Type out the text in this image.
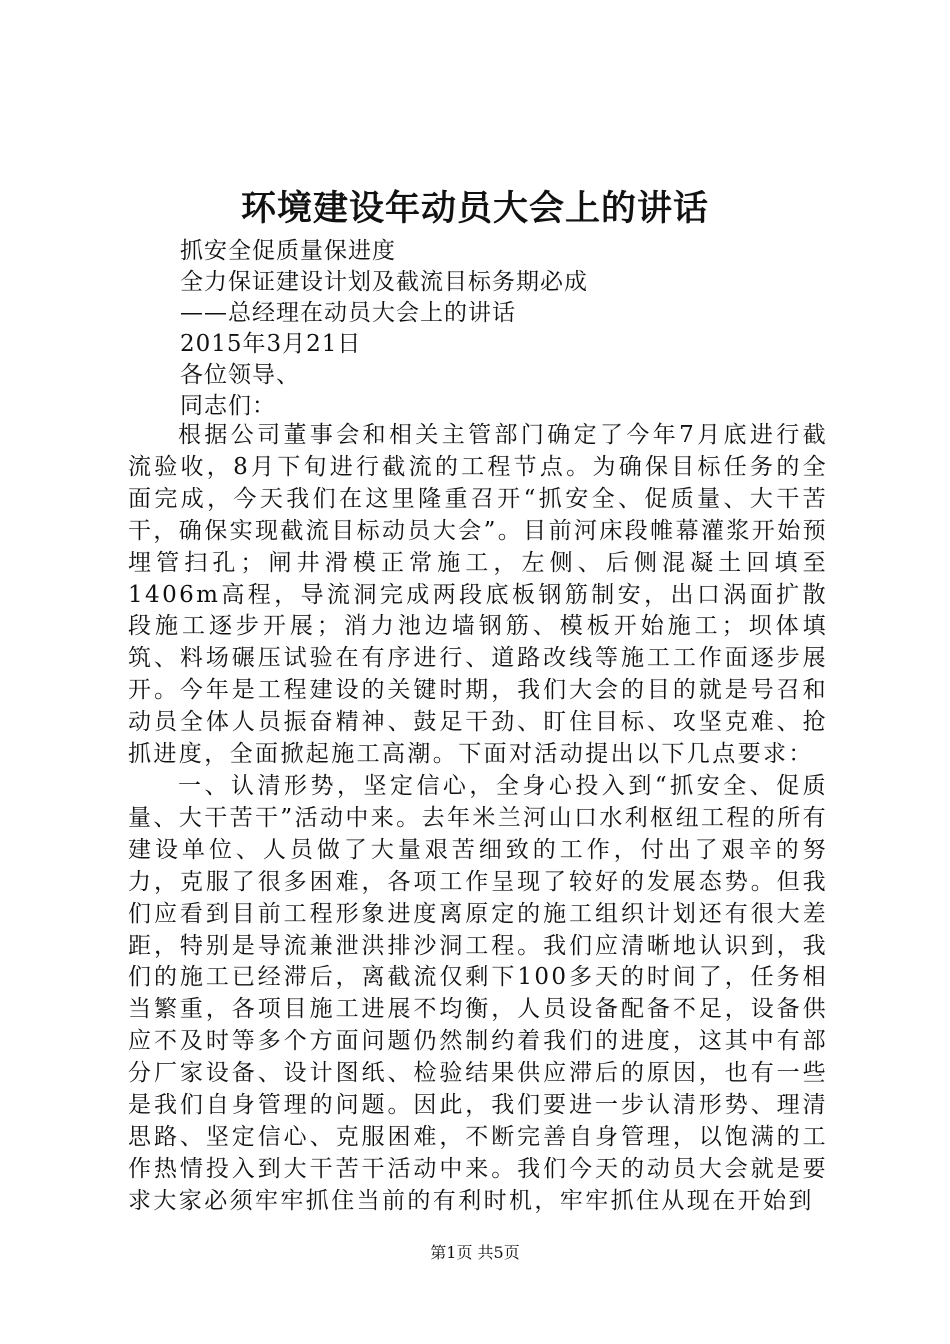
环境建设年动员大会上的讲话

抓安全促质量保进度

全力保证建设计划及截流目标务期必成

——总经理在动员大会上的讲话

2015年3月21日

各位领导、

同志们：

根据公司董事会和相关主管部门确定了今年7月底进行截流验收，8月下旬进行截流的工程节点。为确保目标任务的全面完成，今天我们在这里隆重召开“抓安全、促质量、大干苦干，确保实现截流目标动员大会”。目前河床段帷幕灌浆开始预埋管扫孔；闸井滑模正常施工，左侧、后侧混凝土回填至1406m高程，导流洞完成两段底板钢筋制安，出口涡面扩散段施工逐步开展；消力池边墙钢筋、模板开始施工；坝体填筑、料场碾压试验在有序进行、道路改线等施工工作面逐步展开。今年是工程建设的关键时期，我们大会的目的就是号召和动员全体人员振奋精神、鼓足干劲、盯住目标、攻坚克难、抢抓进度，全面掀起施工高潮。下面对活动提出以下几点要求：

一、认清形势，坚定信心，全身心投入到“抓安全、促质量、大干苦干”活动中来。去年米兰河山口水利枢纽工程的所有建设单位、人员做了大量艰苦细致的工作，付出了艰辛的努力，克服了很多困难，各项工作呈现了较好的发展态势。但我们应看到目前工程形象进度离原定的施工组织计划还有很大差距，特别是导流兼泄洪排沙洞工程。我们应清晰地认识到，我们的施工已经滞后，离截流仅剩下100多天的时间了，任务相当繁重，各项目施工进展不均衡，人员设备配备不足，设备供应不及时等多个方面问题仍然制约着我们的进度，这其中有部分厂家设备、设计图纸、检验结果供应滞后的原因，也有一些是我们自身管理的问题。因此，我们要进一步认清形势、理清思路、坚定信心、克服困难，不断完善自身管理，以饱满的工作热情投入到大干苦干活动中来。我们今天的动员大会就是要求大家必须牢牢抓住当前的有利时机，牢牢抓住从现在开始到

第1页 共5页
